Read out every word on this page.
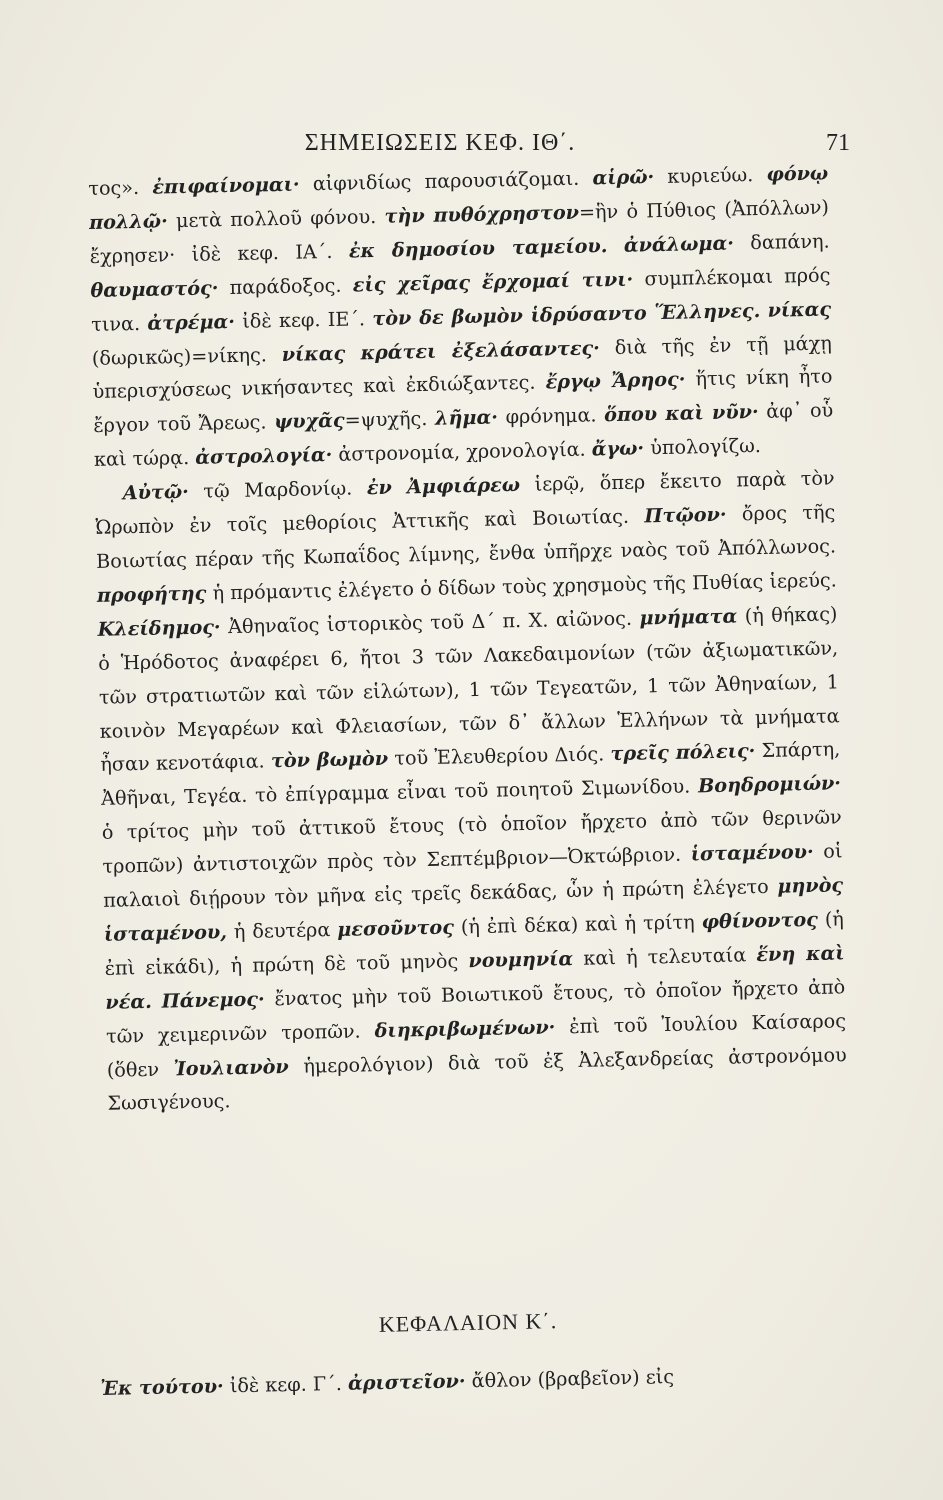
ΣΗΜΕΙΩΣΕΙΣ ΚΕΦ. ΙΘ΄.	71

τος». ἐπιφαίνομαι· αἰφνιδίως παρουσιάζομαι. αἱρῶ· κυριεύω. φόνῳ πολλῷ· μετὰ πολλοῦ φόνου. τὴν πυθόχρηστον=ἣν ὁ Πύθιος (Ἀπόλλων) ἔχρησεν· ἰδὲ κεφ. ΙΑ΄. ἐκ δημοσίου ταμείου. ἀνάλωμα· δαπάνη. θαυμαστός· παράδοξος. εἰς χεῖρας ἔρχομαί τινι· συμπλέκομαι πρός τινα. ἀτρέμα· ἰδὲ κεφ. ΙΕ΄. τὸν δε βωμὸν ἱδρύσαντο Ἕλληνες. νίκας (δωρικῶς)=νίκης. νίκας κράτει ἐξελάσαντες· διὰ τῆς ἐν τῇ μάχῃ ὑπερισχύσεως νικήσαντες καὶ ἐκδιώξαντες. ἔργῳ Ἄρηος· ἥτις νίκη ἦτο ἔργον τοῦ Ἄρεως. ψυχᾶς=ψυχῆς. λῆμα· φρόνημα. ὅπου καὶ νῦν· ἀφ᾿ οὗ καὶ τώρᾳ. ἀστρολογία· ἀστρονομία, χρονολογία. ἄγω· ὑπολογίζω.

Αὐτῷ· τῷ Μαρδονίῳ. ἐν Ἀμφιάρεω ἱερῷ, ὅπερ ἔκειτο παρὰ τὸν Ὠρωπὸν ἐν τοῖς μεθορίοις Ἀττικῆς καὶ Βοιωτίας. Πτῷον· ὄρος τῆς Βοιωτίας πέραν τῆς Κωπαΐδος λίμνης, ἔνθα ὑπῆρχε ναὸς τοῦ Ἀπόλλωνος. προφήτης ἡ πρόμαντις ἐλέγετο ὁ δίδων τοὺς χρησμοὺς τῆς Πυθίας ἱερεύς. Κλείδημος· Ἀθηναῖος ἱστορικὸς τοῦ Δ΄ π. Χ. αἰῶνος. μνήματα (ἡ θήκας) ὁ Ἡρόδοτος ἀναφέρει 6, ἤτοι 3 τῶν Λακεδαιμονίων (τῶν ἀξιωματικῶν, τῶν στρατιωτῶν καὶ τῶν εἱλώτων), 1 τῶν Τεγεατῶν, 1 τῶν Ἀθηναίων, 1 κοινὸν Μεγαρέων καὶ Φλειασίων, τῶν δ᾿ ἄλλων Ἑλλήνων τὰ μνήματα ἦσαν κενοτάφια. τὸν βωμὸν τοῦ Ἐλευθερίου Διός. τρεῖς πόλεις· Σπάρτη, Ἀθῆναι, Τεγέα. τὸ ἐπίγραμμα εἶναι τοῦ ποιητοῦ Σιμωνίδου. Βοηδρομιών· ὁ τρίτος μὴν τοῦ ἀττικοῦ ἔτους (τὸ ὁποῖον ἤρχετο ἀπὸ τῶν θερινῶν τροπῶν) ἀντιστοιχῶν πρὸς τὸν Σεπτέμβριον—Ὀκτώβριον. ἱσταμένου· οἱ παλαιοὶ διῄρουν τὸν μῆνα εἰς τρεῖς δεκάδας, ὧν ἡ πρώτη ἐλέγετο μηνὸς ἱσταμένου, ἡ δευτέρα μεσοῦντος (ἡ ἐπὶ δέκα) καὶ ἡ τρίτη φθίνοντος (ἡ ἐπὶ εἰκάδι), ἡ πρώτη δὲ τοῦ μηνὸς νουμηνία καὶ ἡ τελευταία ἕνη καὶ νέα. Πάνεμος· ἔνατος μὴν τοῦ Βοιωτικοῦ ἔτους, τὸ ὁποῖον ἤρχετο ἀπὸ τῶν χειμερινῶν τροπῶν. διηκριβωμένων· ἐπὶ τοῦ Ἰουλίου Καίσαρος (ὅθεν Ἰουλιανὸν ἡμερολόγιον) διὰ τοῦ ἐξ Ἀλεξανδρείας ἀστρονόμου Σωσιγένους.

ΚΕΦΑΛΑΙΟΝ Κ΄.
Ἐκ τούτου· ἰδὲ κεφ. Γ΄. ἀριστεῖον· ἄθλον (βραβεῖον) εἰς
